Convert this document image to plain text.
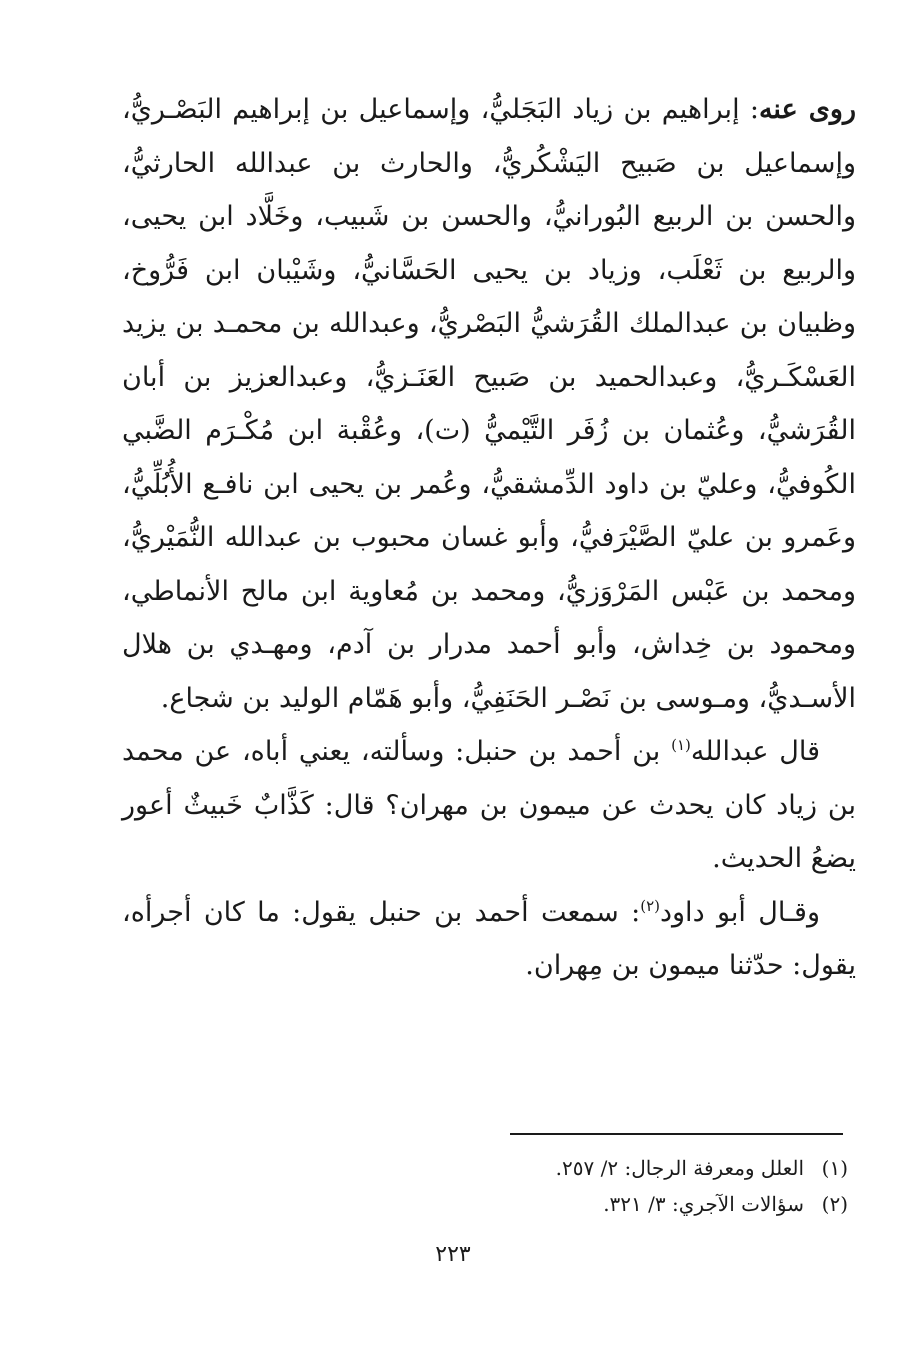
روى عنه: إبراهيم بن زياد البَجَليُّ، وإسماعيل بن إبراهيم البَصْـريُّ، وإسماعيل بن صَبيح اليَشْكُريُّ، والحارث بن عبدالله الحارثيُّ، والحسن بن الربيع البُورانيُّ، والحسن بن شَبيب، وخَلَّاد ابن يحيى، والربيع بن ثَعْلَب، وزياد بن يحيى الحَسَّانيُّ، وشَيْبان ابن فَرُّوخ، وظبيان بن عبدالملك القُرَشيُّ البَصْريُّ، وعبدالله بن محمـد بن يزيد العَسْكَـريُّ، وعبدالحميد بن صَبيح العَنَـزيُّ، وعبدالعزيز بن أبان القُرَشيُّ، وعُثمان بن زُفَر التَّيْميُّ (ت)، وعُقْبة ابن مُكْـرَم الضَّبي الكُوفيُّ، وعليّ بن داود الدِّمشقيُّ، وعُمر بن يحيى ابن نافـع الأُبُلِّيُّ، وعَمرو بن عليّ الصَّيْرَفيُّ، وأبو غسان محبوب بن عبدالله النُّمَيْريُّ، ومحمد بن عَبْس المَرْوَزيُّ، ومحمد بن مُعاوية ابن مالح الأنماطي، ومحمود بن خِداش، وأبو أحمد مدرار بن آدم، ومهـدي بن هلال الأسـديُّ، ومـوسى بن نَصْـر الحَنَفِيُّ، وأبو هَمّام الوليد بن شجاع.

قال عبدالله$^{(١)}$ بن أحمد بن حنبل: وسألته، يعني أباه، عن محمد بن زياد كان يحدث عن ميمون بن مهران؟ قال: كَذَّابٌ خَبيثٌ أعور يضعُ الحديث.

وقـال أبو داود$^{(٢)}$: سمعت أحمد بن حنبل يقول: ما كان أجرأه، يقول: حدّثنا ميمون بن مِهران.

(١)
العلل ومعرفة الرجال: ٢/ ٢٥٧.

(٢)
سؤالات الآجري: ٣/ ٣٢١.

٢٢٣
